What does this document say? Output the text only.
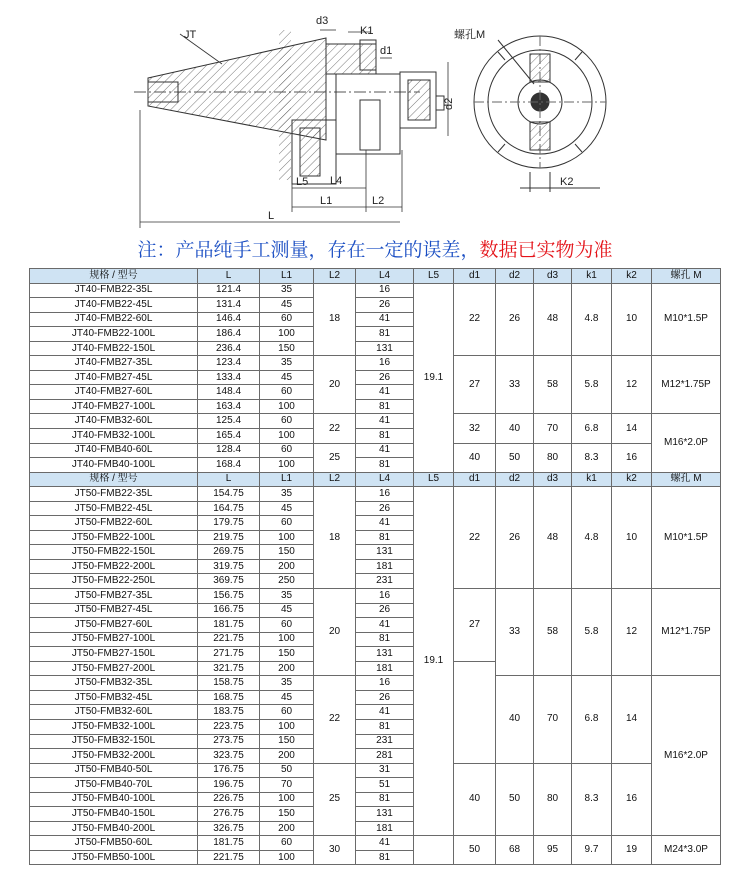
JT
d3
K1
d1
d2
L5 L4
L1	L2
L
螺孔M
K2
注：产品纯手工测量，存在一定的误差，数据已实物为准
规格 / 型号	L	L1	L2	L4	L5	d1	d2	d3	k1	k2	螺孔 M
JT40-FMB22-35L	121.4	35	18	16	19.1	22	26	48	4.8	10	M10*1.5P
JT40-FMB22-45L	131.4	45		26							
JT40-FMB22-60L	146.4	60		41							
JT40-FMB22-100L	186.4	100		81							
JT40-FMB22-150L	236.4	150		131							
JT40-FMB27-35L	123.4	35	20	16		27	33	58	5.8	12	M12*1.75P
JT40-FMB27-45L	133.4	45		26							
JT40-FMB27-60L	148.4	60		41							
JT40-FMB27-100L	163.4	100		81							
JT40-FMB32-60L	125.4	60	22	41		32	40	70	6.8	14	M16*2.0P
JT40-FMB32-100L	165.4	100		81							
JT40-FMB40-60L	128.4	60	25	41		40	50	80	8.3	16	
JT40-FMB40-100L	168.4	100		81							
规格 / 型号	L	L1	L2	L4	L5	d1	d2	d3	k1	k2	螺孔 M
JT50-FMB22-35L	154.75	35	18	16	19.1	22	26	48	4.8	10	M10*1.5P
JT50-FMB22-45L	164.75	45		26							
JT50-FMB22-60L	179.75	60		41							
JT50-FMB22-100L	219.75	100		81							
JT50-FMB22-150L	269.75	150		131							
JT50-FMB22-200L	319.75	200		181							
JT50-FMB22-250L	369.75	250		231							
JT50-FMB27-35L	156.75	35	20	16		27	33	58	5.8	12	M12*1.75P
JT50-FMB27-45L	166.75	45		26							
JT50-FMB27-60L	181.75	60		41							
JT50-FMB27-100L	221.75	100		81							
JT50-FMB27-150L	271.75	150		131							
JT50-FMB27-200L	321.75	200		181							
JT50-FMB32-35L	158.75	35	22	16			40	70	6.8	14	M16*2.0P
JT50-FMB32-45L	168.75	45		26							
JT50-FMB32-60L	183.75	60		41							
JT50-FMB32-100L	223.75	100		81							
JT50-FMB32-150L	273.75	150		231							
JT50-FMB32-200L	323.75	200		281							
JT50-FMB40-50L	176.75	50	25	31		40	50	80	8.3	16	
JT50-FMB40-70L	196.75	70		51							
JT50-FMB40-100L	226.75	100		81							
JT50-FMB40-150L	276.75	150		131							
JT50-FMB40-200L	326.75	200		181							
JT50-FMB50-60L	181.75	60	30	41		50	68	95	9.7	19	M24*3.0P
JT50-FMB50-100L	221.75	100		81							
